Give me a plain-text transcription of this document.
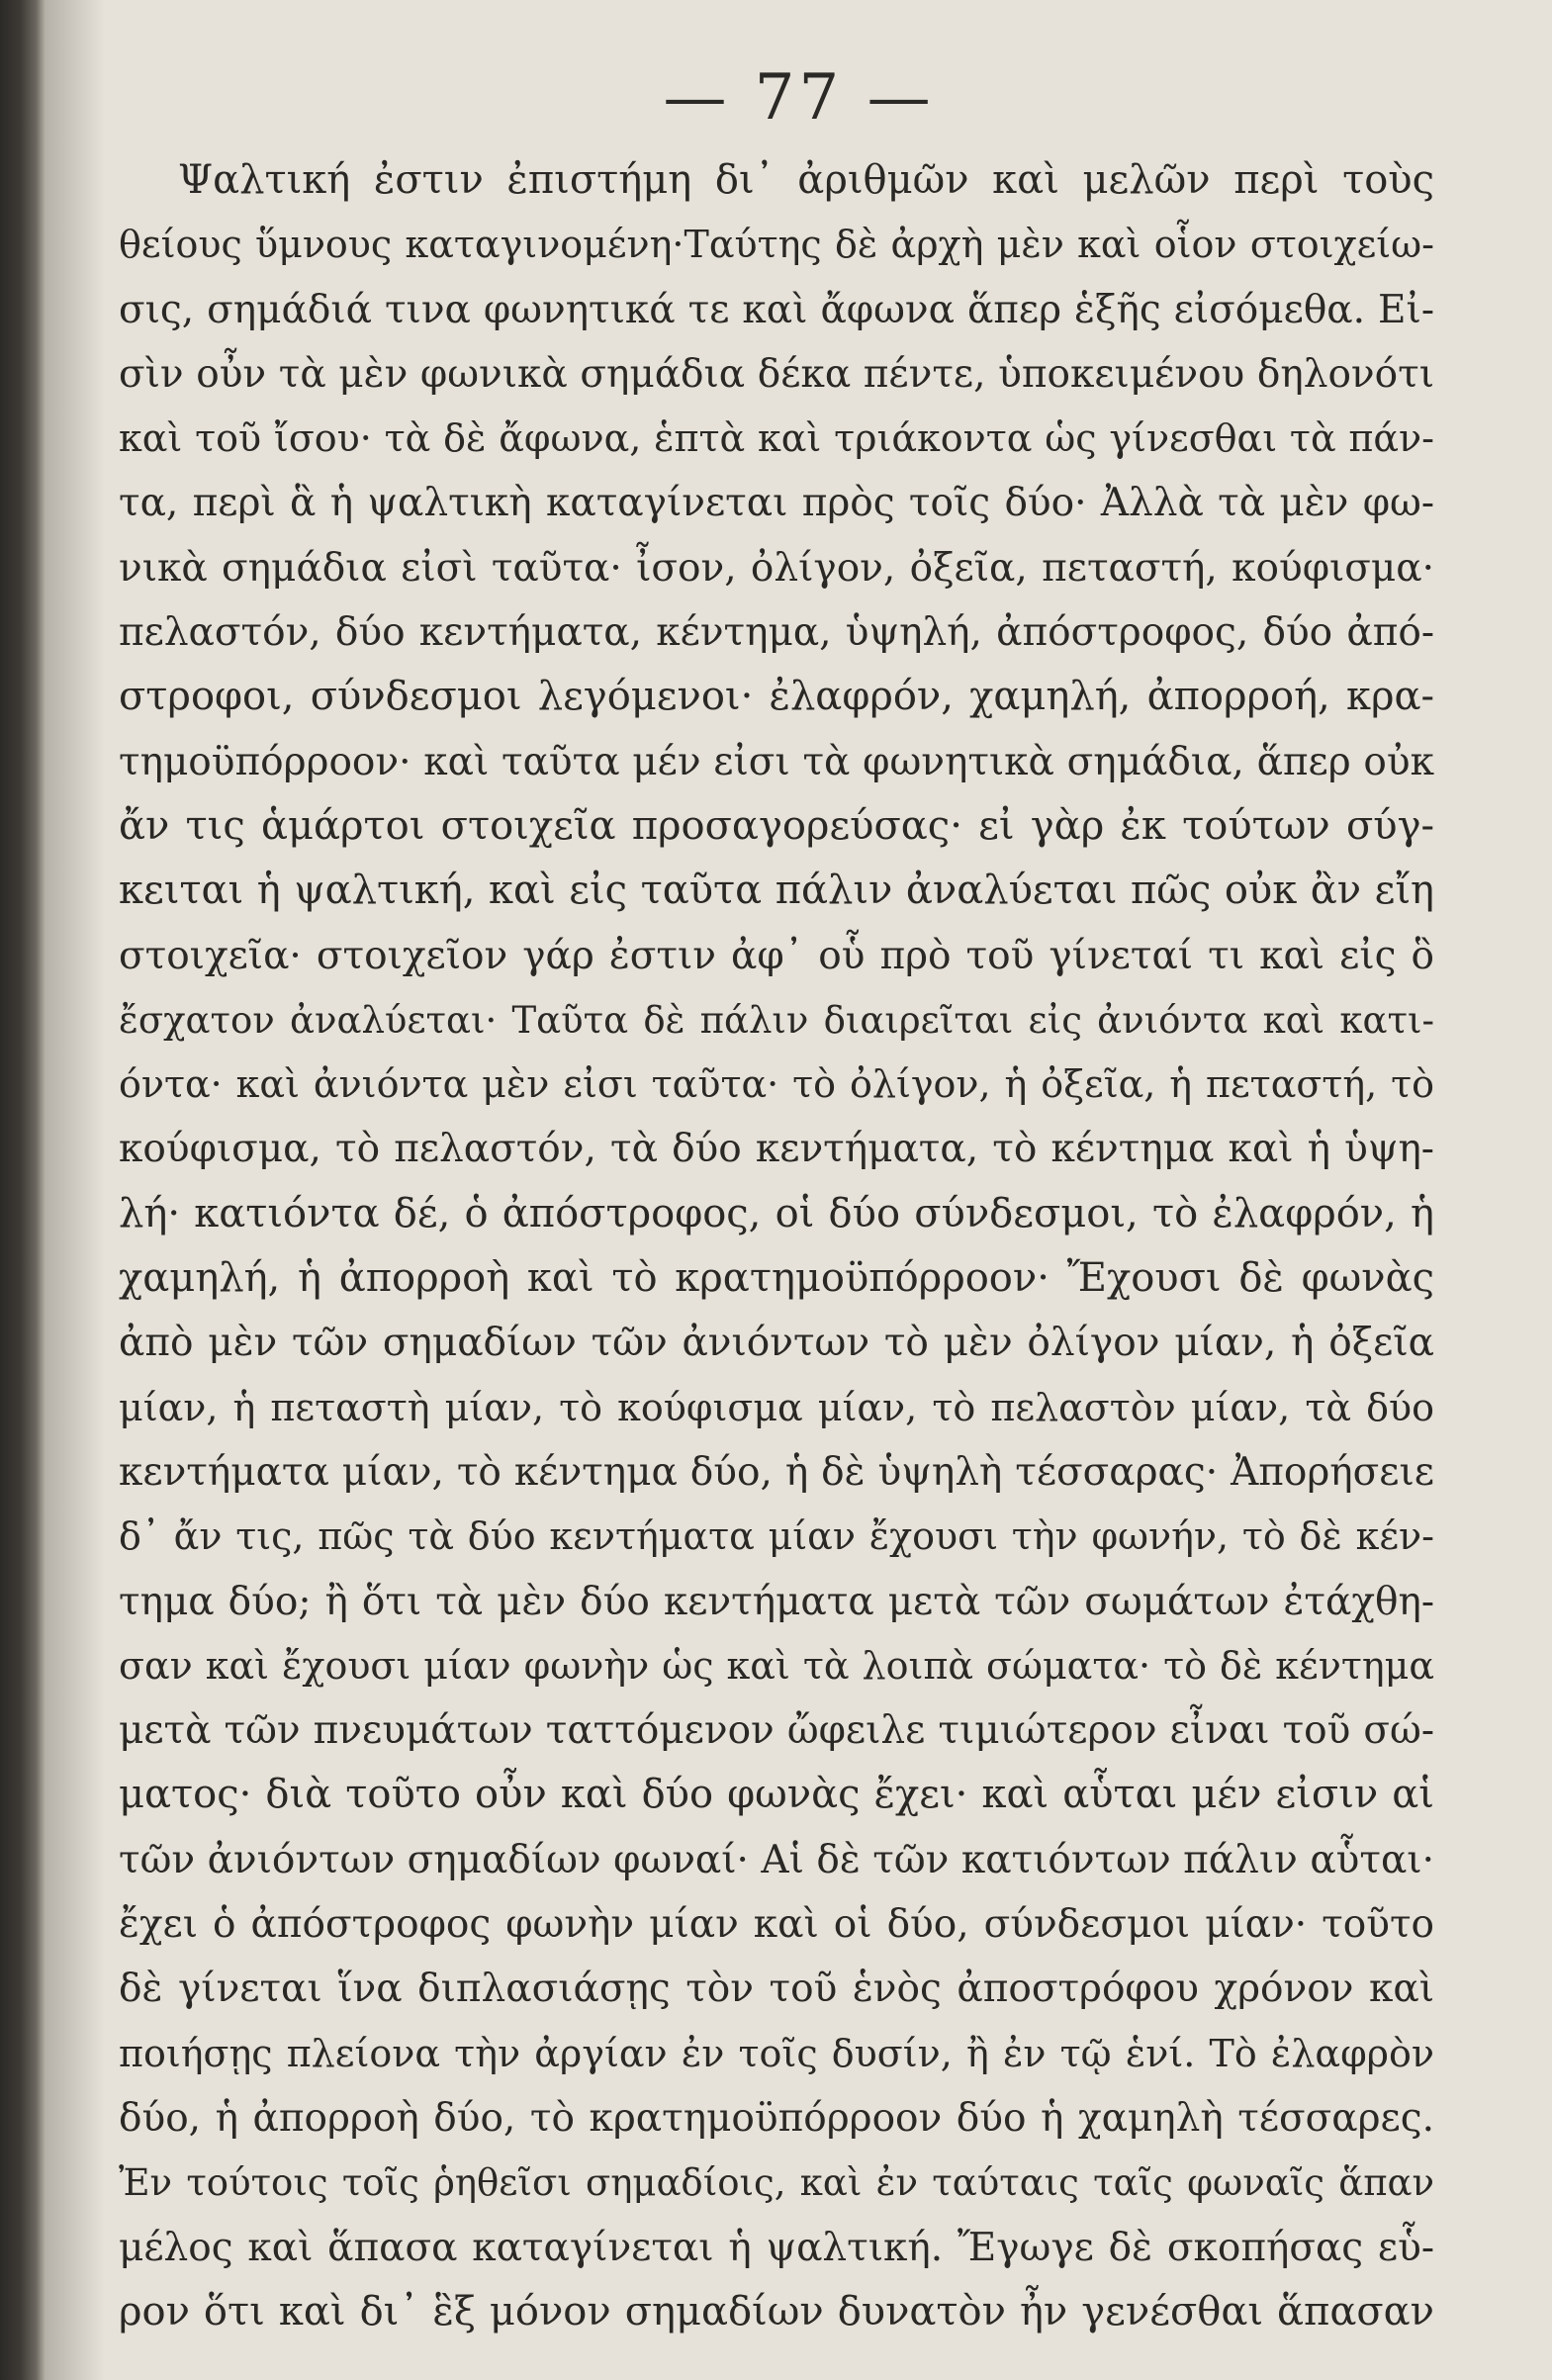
— 77 —
Ψαλτική ἐστιν ἐπιστήμη δι᾽ ἀριθμῶν καὶ μελῶν περὶ τοὺς
θείους ὕμνους καταγινομένη·Ταύτης δὲ ἀρχὴ μὲν καὶ οἷον στοιχείω-
σις, σημάδιά τινα φωνητικά τε καὶ ἄφωνα ἅπερ ἑξῆς εἰσόμεθα. Εἰ-
σὶν οὖν τὰ μὲν φωνικὰ σημάδια δέκα πέντε, ὑποκειμένου δηλονότι
καὶ τοῦ ἴσου· τὰ δὲ ἄφωνα, ἑπτὰ καὶ τριάκοντα ὡς γίνεσθαι τὰ πάν-
τα, περὶ ἃ ἡ ψαλτικὴ καταγίνεται πρὸς τοῖς δύο· Ἀλλὰ τὰ μὲν φω-
νικὰ σημάδια εἰσὶ ταῦτα· ἶσον, ὀλίγον, ὀξεῖα, πεταστή, κούφισμα·
πελαστόν, δύο κεντήματα, κέντημα, ὑψηλή, ἀπόστροφος, δύο ἀπό-
στροφοι, σύνδεσμοι λεγόμενοι· ἐλαφρόν, χαμηλή, ἀπορροή, κρα-
τημοϋπόρροον· καὶ ταῦτα μέν εἰσι τὰ φωνητικὰ σημάδια, ἅπερ οὐκ
ἄν τις ἁμάρτοι στοιχεῖα προσαγορεύσας· εἰ γὰρ ἐκ τούτων σύγ-
κειται ἡ ψαλτική, καὶ εἰς ταῦτα πάλιν ἀναλύεται πῶς οὐκ ἂν εἴη
στοιχεῖα· στοιχεῖον γάρ ἐστιν ἀφ᾽ οὗ πρὸ τοῦ γίνεταί τι καὶ εἰς ὃ
ἔσχατον ἀναλύεται· Ταῦτα δὲ πάλιν διαιρεῖται εἰς ἀνιόντα καὶ κατι-
όντα· καὶ ἀνιόντα μὲν εἰσι ταῦτα· τὸ ὀλίγον, ἡ ὀξεῖα, ἡ πεταστή, τὸ
κούφισμα, τὸ πελαστόν, τὰ δύο κεντήματα, τὸ κέντημα καὶ ἡ ὑψη-
λή· κατιόντα δέ, ὁ ἀπόστροφος, οἱ δύο σύνδεσμοι, τὸ ἐλαφρόν, ἡ
χαμηλή, ἡ ἀπορροὴ καὶ τὸ κρατημοϋπόρροον· Ἔχουσι δὲ φωνὰς
ἀπὸ μὲν τῶν σημαδίων τῶν ἀνιόντων τὸ μὲν ὀλίγον μίαν, ἡ ὀξεῖα
μίαν, ἡ πεταστὴ μίαν, τὸ κούφισμα μίαν, τὸ πελαστὸν μίαν, τὰ δύο
κεντήματα μίαν, τὸ κέντημα δύο, ἡ δὲ ὑψηλὴ τέσσαρας· Ἀπορήσειε
δ᾽ ἄν τις, πῶς τὰ δύο κεντήματα μίαν ἔχουσι τὴν φωνήν, τὸ δὲ κέν-
τημα δύο; ἢ ὅτι τὰ μὲν δύο κεντήματα μετὰ τῶν σωμάτων ἐτάχθη-
σαν καὶ ἔχουσι μίαν φωνὴν ὡς καὶ τὰ λοιπὰ σώματα· τὸ δὲ κέντημα
μετὰ τῶν πνευμάτων ταττόμενον ὤφειλε τιμιώτερον εἶναι τοῦ σώ-
ματος· διὰ τοῦτο οὖν καὶ δύο φωνὰς ἔχει· καὶ αὗται μέν εἰσιν αἱ
τῶν ἀνιόντων σημαδίων φωναί· Αἱ δὲ τῶν κατιόντων πάλιν αὗται·
ἔχει ὁ ἀπόστροφος φωνὴν μίαν καὶ οἱ δύο, σύνδεσμοι μίαν· τοῦτο
δὲ γίνεται ἵνα διπλασιάσῃς τὸν τοῦ ἑνὸς ἀποστρόφου χρόνον καὶ
ποιήσῃς πλείονα τὴν ἀργίαν ἐν τοῖς δυσίν, ἢ ἐν τῷ ἑνί. Τὸ ἐλαφρὸν
δύο, ἡ ἀπορροὴ δύο, τὸ κρατημοϋπόρροον δύο ἡ χαμηλὴ τέσσαρες.
Ἐν τούτοις τοῖς ῥηθεῖσι σημαδίοις, καὶ ἐν ταύταις ταῖς φωναῖς ἅπαν
μέλος καὶ ἅπασα καταγίνεται ἡ ψαλτική. Ἔγωγε δὲ σκοπήσας εὗ-
ρον ὅτι καὶ δι᾽ ἓξ μόνον σημαδίων δυνατὸν ἦν γενέσθαι ἅπασαν
